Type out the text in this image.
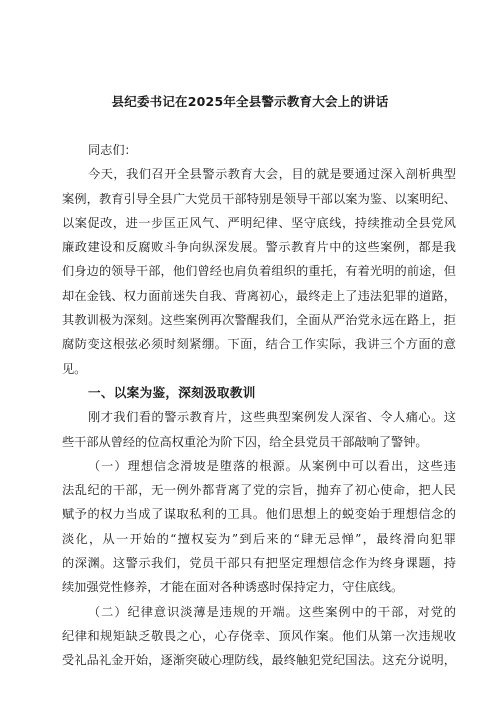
县纪委书记在2025年全县警示教育大会上的讲话
同志们：
今天，我们召开全县警示教育大会，目的就是要通过深入剖析典型
案例，教育引导全县广大党员干部特别是领导干部以案为鉴、以案明纪、
以案促改，进一步匡正风气、严明纪律、坚守底线，持续推动全县党风
廉政建设和反腐败斗争向纵深发展。警示教育片中的这些案例，都是我
们身边的领导干部，他们曾经也肩负着组织的重托，有着光明的前途，但
却在金钱、权力面前迷失自我、背离初心，最终走上了违法犯罪的道路，
其教训极为深刻。这些案例再次警醒我们，全面从严治党永远在路上，拒
腐防变这根弦必须时刻紧绷。下面，结合工作实际，我讲三个方面的意
见。
一、以案为鉴，深刻汲取教训
刚才我们看的警示教育片，这些典型案例发人深省、令人痛心。这
些干部从曾经的位高权重沦为阶下囚，给全县党员干部敲响了警钟。
（一）理想信念滑坡是堕落的根源。从案例中可以看出，这些违
法乱纪的干部，无一例外都背离了党的宗旨，抛弃了初心使命，把人民
赋予的权力当成了谋取私利的工具。他们思想上的蜕变始于理想信念的
淡化，从一开始的“擅权妄为”到后来的“肆无忌惮”，最终滑向犯罪
的深渊。这警示我们，党员干部只有把坚定理想信念作为终身课题，持
续加强党性修养，才能在面对各种诱惑时保持定力，守住底线。
（二）纪律意识淡薄是违规的开端。这些案例中的干部，对党的
纪律和规矩缺乏敬畏之心，心存侥幸、顶风作案。他们从第一次违规收
受礼品礼金开始，逐渐突破心理防线，最终触犯党纪国法。这充分说明，
